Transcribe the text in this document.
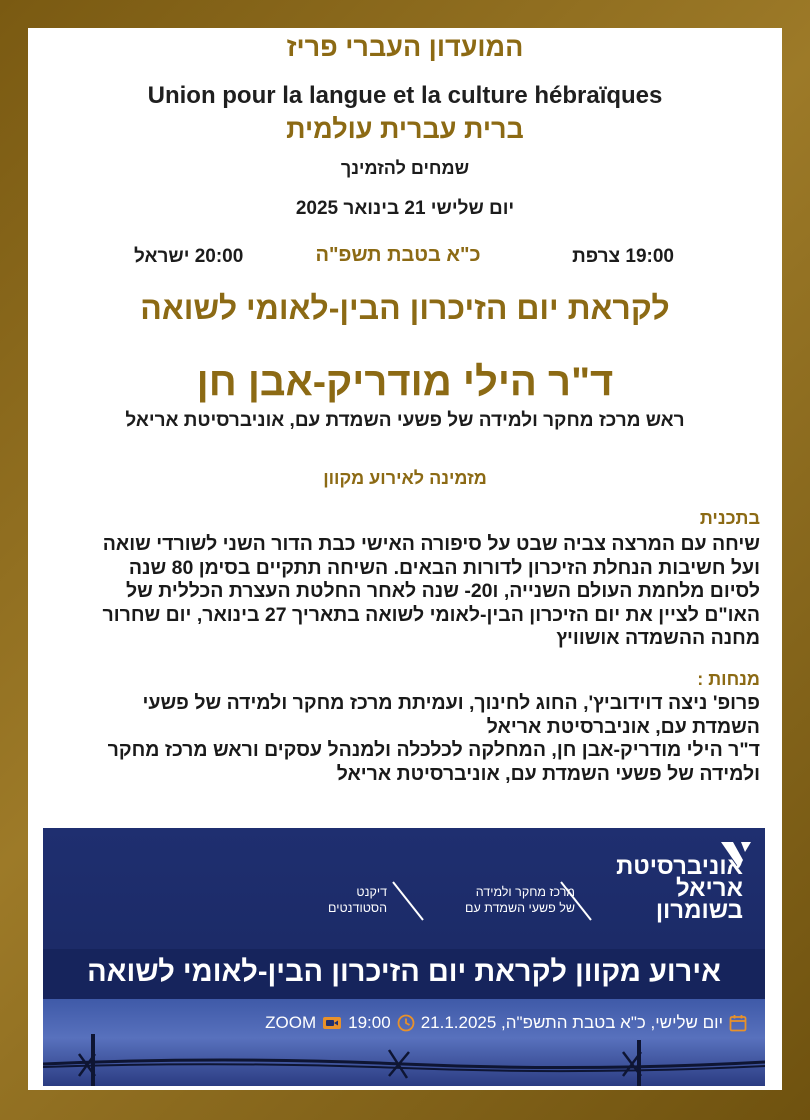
המועדון העברי פריז
Union pour la langue et la culture hébraïques
ברית עברית עולמית
שמחים להזמינך
יום שלישי 21 בינואר 2025
19:00 צרפת
כ"א בטבת תשפ"ה
20:00 ישראל
לקראת יום הזיכרון הבין-לאומי לשואה
ד"ר הילי מודריק-אבן חן
ראש מרכז מחקר ולמידה של פשעי השמדת עם, אוניברסיטת אריאל
מזמינה לאירוע מקוון
בתכנית

שיחה עם המרצה צביה שבט על סיפורה האישי כבת הדור השני לשורדי שואה

ועל חשיבות הנחלת הזיכרון לדורות הבאים. השיחה תתקיים בסימן 80 שנה

לסיום מלחמת העולם השנייה, ו20- שנה לאחר החלטת העצרת הכללית של

האו"ם לציין את יום הזיכרון הבין-לאומי לשואה בתאריך 27 בינואר, יום שחרור

מחנה ההשמדה אושוויץ

מנחות :

פרופ' ניצה דוידוביץ', החוג לחינוך, ועמיתת מרכז מחקר ולמידה של פשעי

השמדת עם, אוניברסיטת אריאל

ד"ר הילי מודריק-אבן חן, המחלקה לכלכלה ולמנהל עסקים וראש מרכז מחקר

ולמידה של פשעי השמדת עם, אוניברסיטת אריאל

אוניברסיטת
אריאל
בשומרון
מרכז מחקר ולמידה
של פשעי השמדת עם
דיקנט
הסטודנטים
אירוע מקוון לקראת יום הזיכרון הבין-לאומי לשואה
יום שלישי, כ"א בטבת התשפ"ה, 21.1.2025
19:00
ZOOM
